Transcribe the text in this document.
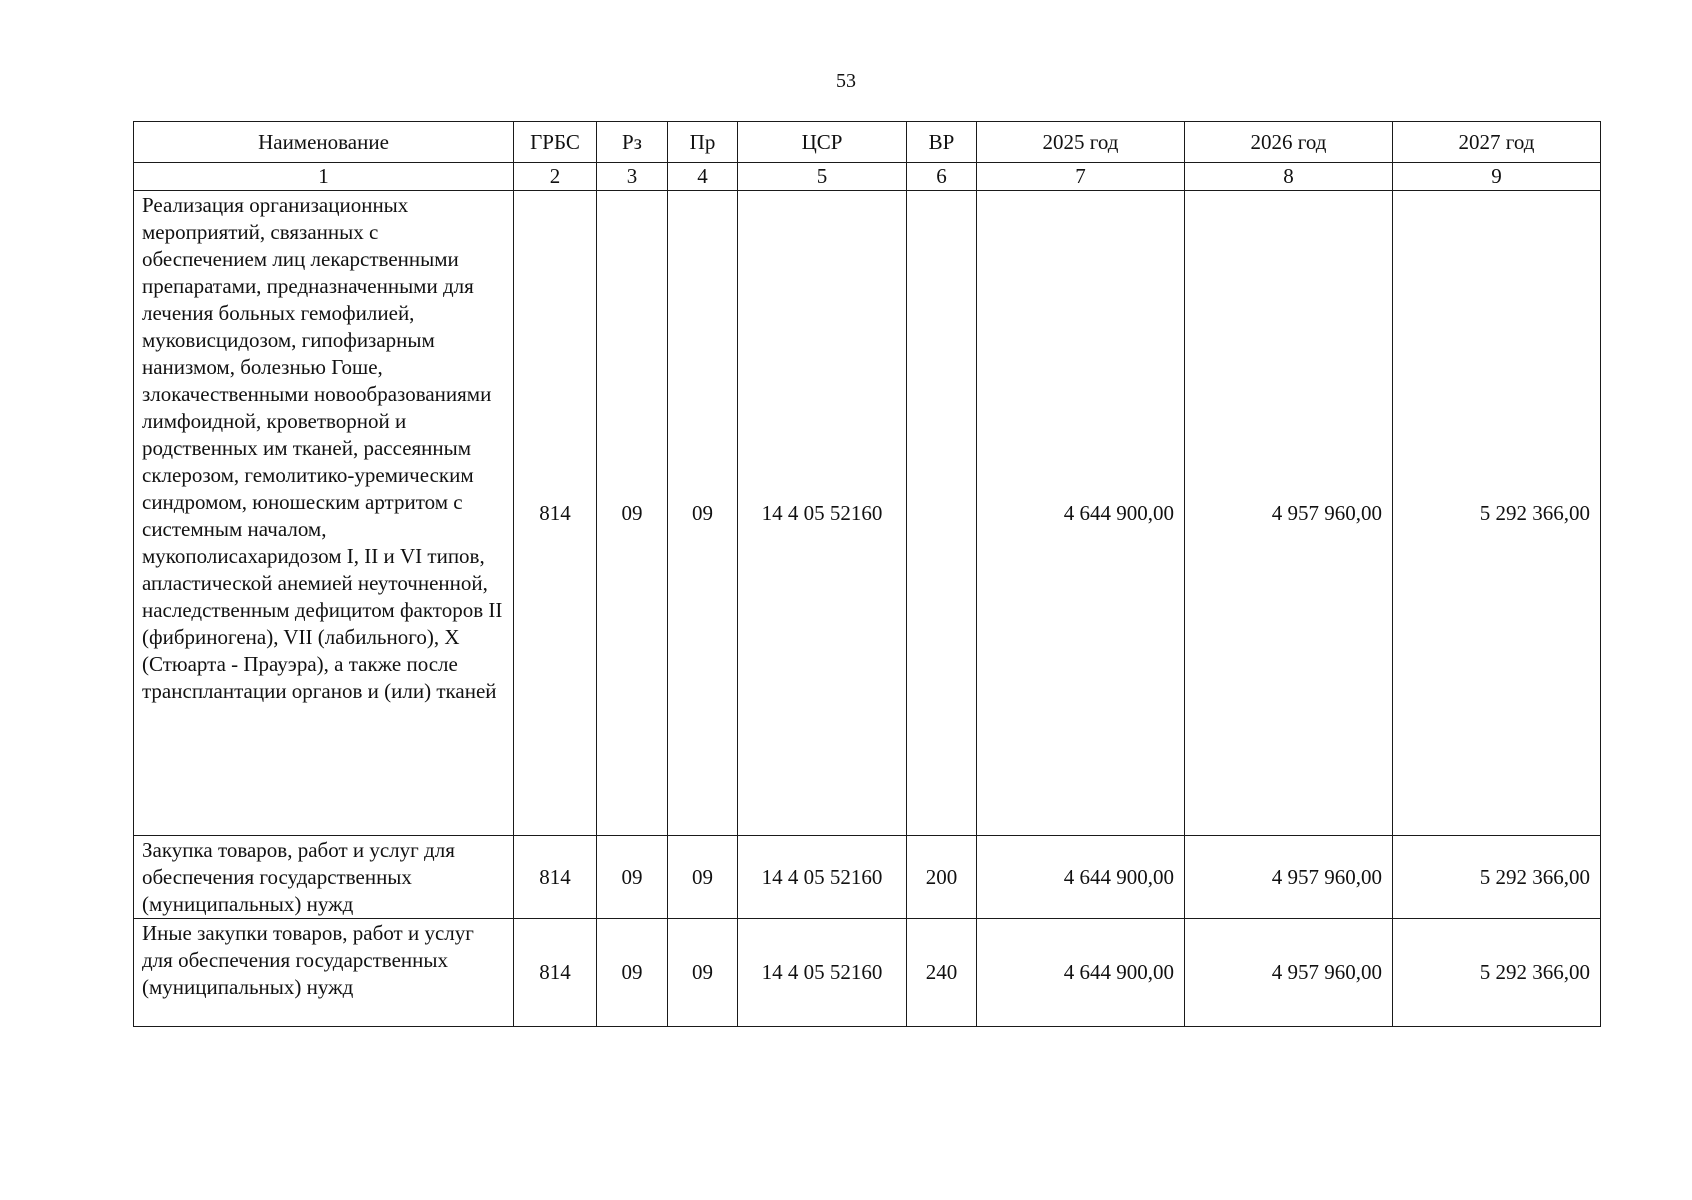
53
Наименование	ГРБС	Рз	Пр	ЦСР	ВР	2025 год	2026 год	2027 год
1	2	3	4	5	6	7	8	9
Реализация организационных мероприятий, связанных с обеспечением лиц лекарственными препаратами, предназначенными для лечения больных гемофилией, муковисцидозом, гипофизарным нанизмом, болезнью Гоше, злокачественными новообразованиями лимфоидной, кроветворной и родственных им тканей, рассеянным склерозом, гемолитико-уремическим синдромом, юношеским артритом с системным началом, мукополисахаридозом I, II и VI типов, апластической анемией неуточненной, наследственным дефицитом факторов II (фибриногена), VII (лабильного), X (Стюарта - Прауэра), а также после трансплантации органов и (или) тканей	814	09	09	14 4 05 52160		4 644 900,00	4 957 960,00	5 292 366,00
Закупка товаров, работ и услуг для обеспечения государственных (муниципальных) нужд	814	09	09	14 4 05 52160	200	4 644 900,00	4 957 960,00	5 292 366,00
Иные закупки товаров, работ и услуг для обеспечения государственных (муниципальных) нужд	814	09	09	14 4 05 52160	240	4 644 900,00	4 957 960,00	5 292 366,00
